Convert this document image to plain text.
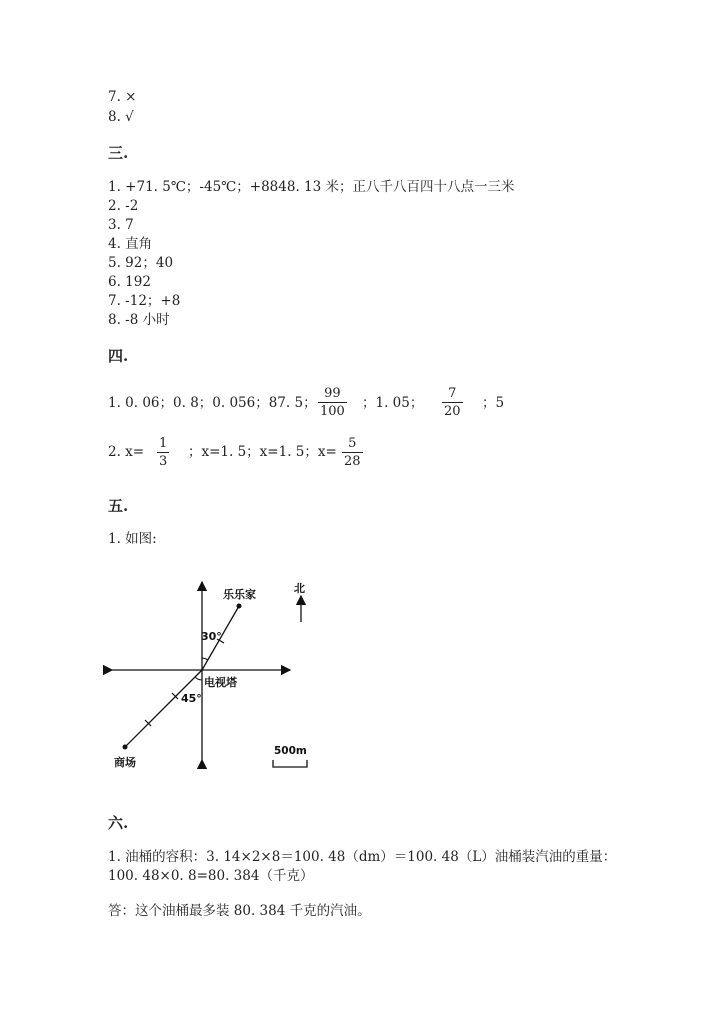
7. ×
8. √
三.
1. +71. 5℃；-45℃；+8848. 13 米；正八千八百四十八点一三米
2. -2
3. 7
4. 直角
5. 92；40
6. 192
7. -12；+8
8. -8 小时
四.
1. 0. 06；0. 8；0. 056；87. 5；
99
100
；1. 05；
7
20
；5
2. x=
1
3
；x=1. 5；x=1. 5；x=
5
28
五.
1. 如图:
北
乐乐家
电视塔
商场
30°
45°
500m
六.
1. 油桶的容积：3. 14×2×8＝100. 48（dm）＝100. 48（L）油桶装汽油的重量：
100. 48×0. 8=80. 384（千克）
答：这个油桶最多装 80. 384 千克的汽油。
